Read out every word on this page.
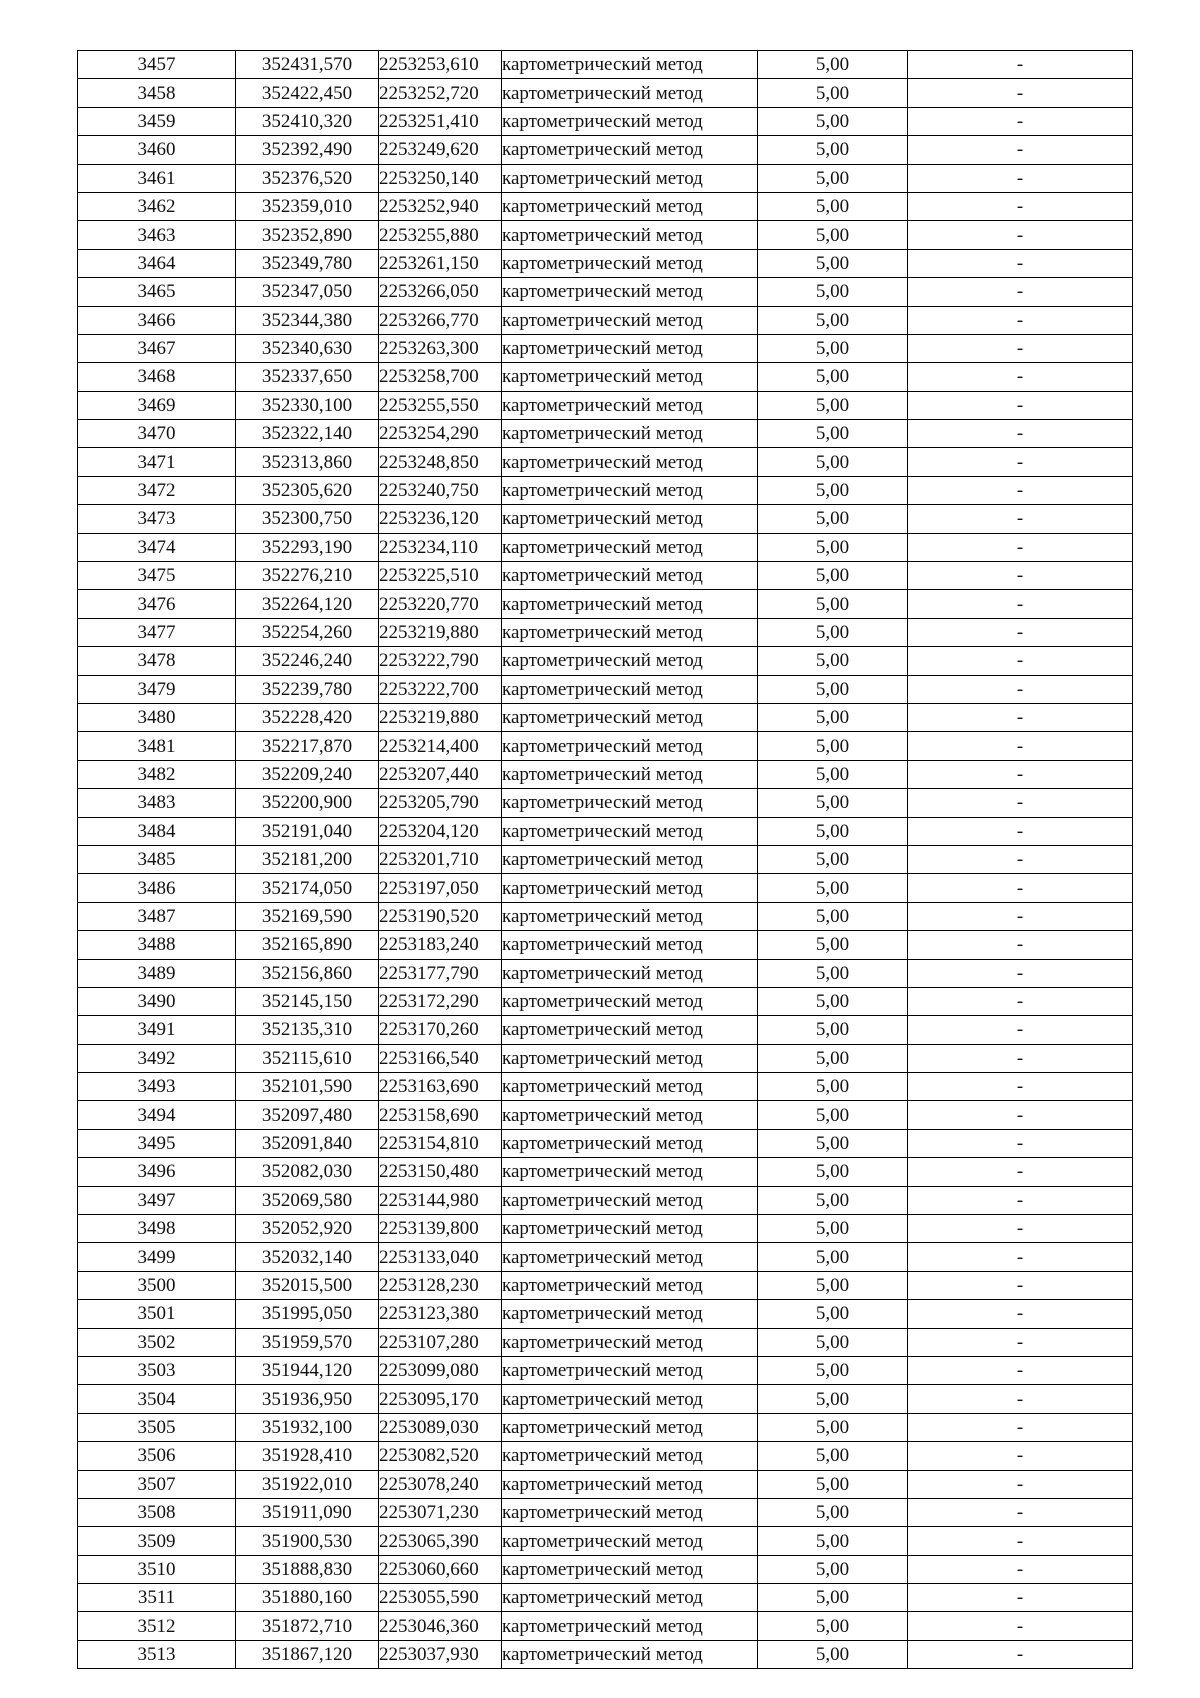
3457	352431,570	2253253,610	картометрический метод	5,00	-
3458	352422,450	2253252,720	картометрический метод	5,00	-
3459	352410,320	2253251,410	картометрический метод	5,00	-
3460	352392,490	2253249,620	картометрический метод	5,00	-
3461	352376,520	2253250,140	картометрический метод	5,00	-
3462	352359,010	2253252,940	картометрический метод	5,00	-
3463	352352,890	2253255,880	картометрический метод	5,00	-
3464	352349,780	2253261,150	картометрический метод	5,00	-
3465	352347,050	2253266,050	картометрический метод	5,00	-
3466	352344,380	2253266,770	картометрический метод	5,00	-
3467	352340,630	2253263,300	картометрический метод	5,00	-
3468	352337,650	2253258,700	картометрический метод	5,00	-
3469	352330,100	2253255,550	картометрический метод	5,00	-
3470	352322,140	2253254,290	картометрический метод	5,00	-
3471	352313,860	2253248,850	картометрический метод	5,00	-
3472	352305,620	2253240,750	картометрический метод	5,00	-
3473	352300,750	2253236,120	картометрический метод	5,00	-
3474	352293,190	2253234,110	картометрический метод	5,00	-
3475	352276,210	2253225,510	картометрический метод	5,00	-
3476	352264,120	2253220,770	картометрический метод	5,00	-
3477	352254,260	2253219,880	картометрический метод	5,00	-
3478	352246,240	2253222,790	картометрический метод	5,00	-
3479	352239,780	2253222,700	картометрический метод	5,00	-
3480	352228,420	2253219,880	картометрический метод	5,00	-
3481	352217,870	2253214,400	картометрический метод	5,00	-
3482	352209,240	2253207,440	картометрический метод	5,00	-
3483	352200,900	2253205,790	картометрический метод	5,00	-
3484	352191,040	2253204,120	картометрический метод	5,00	-
3485	352181,200	2253201,710	картометрический метод	5,00	-
3486	352174,050	2253197,050	картометрический метод	5,00	-
3487	352169,590	2253190,520	картометрический метод	5,00	-
3488	352165,890	2253183,240	картометрический метод	5,00	-
3489	352156,860	2253177,790	картометрический метод	5,00	-
3490	352145,150	2253172,290	картометрический метод	5,00	-
3491	352135,310	2253170,260	картометрический метод	5,00	-
3492	352115,610	2253166,540	картометрический метод	5,00	-
3493	352101,590	2253163,690	картометрический метод	5,00	-
3494	352097,480	2253158,690	картометрический метод	5,00	-
3495	352091,840	2253154,810	картометрический метод	5,00	-
3496	352082,030	2253150,480	картометрический метод	5,00	-
3497	352069,580	2253144,980	картометрический метод	5,00	-
3498	352052,920	2253139,800	картометрический метод	5,00	-
3499	352032,140	2253133,040	картометрический метод	5,00	-
3500	352015,500	2253128,230	картометрический метод	5,00	-
3501	351995,050	2253123,380	картометрический метод	5,00	-
3502	351959,570	2253107,280	картометрический метод	5,00	-
3503	351944,120	2253099,080	картометрический метод	5,00	-
3504	351936,950	2253095,170	картометрический метод	5,00	-
3505	351932,100	2253089,030	картометрический метод	5,00	-
3506	351928,410	2253082,520	картометрический метод	5,00	-
3507	351922,010	2253078,240	картометрический метод	5,00	-
3508	351911,090	2253071,230	картометрический метод	5,00	-
3509	351900,530	2253065,390	картометрический метод	5,00	-
3510	351888,830	2253060,660	картометрический метод	5,00	-
3511	351880,160	2253055,590	картометрический метод	5,00	-
3512	351872,710	2253046,360	картометрический метод	5,00	-
3513	351867,120	2253037,930	картометрический метод	5,00	-
